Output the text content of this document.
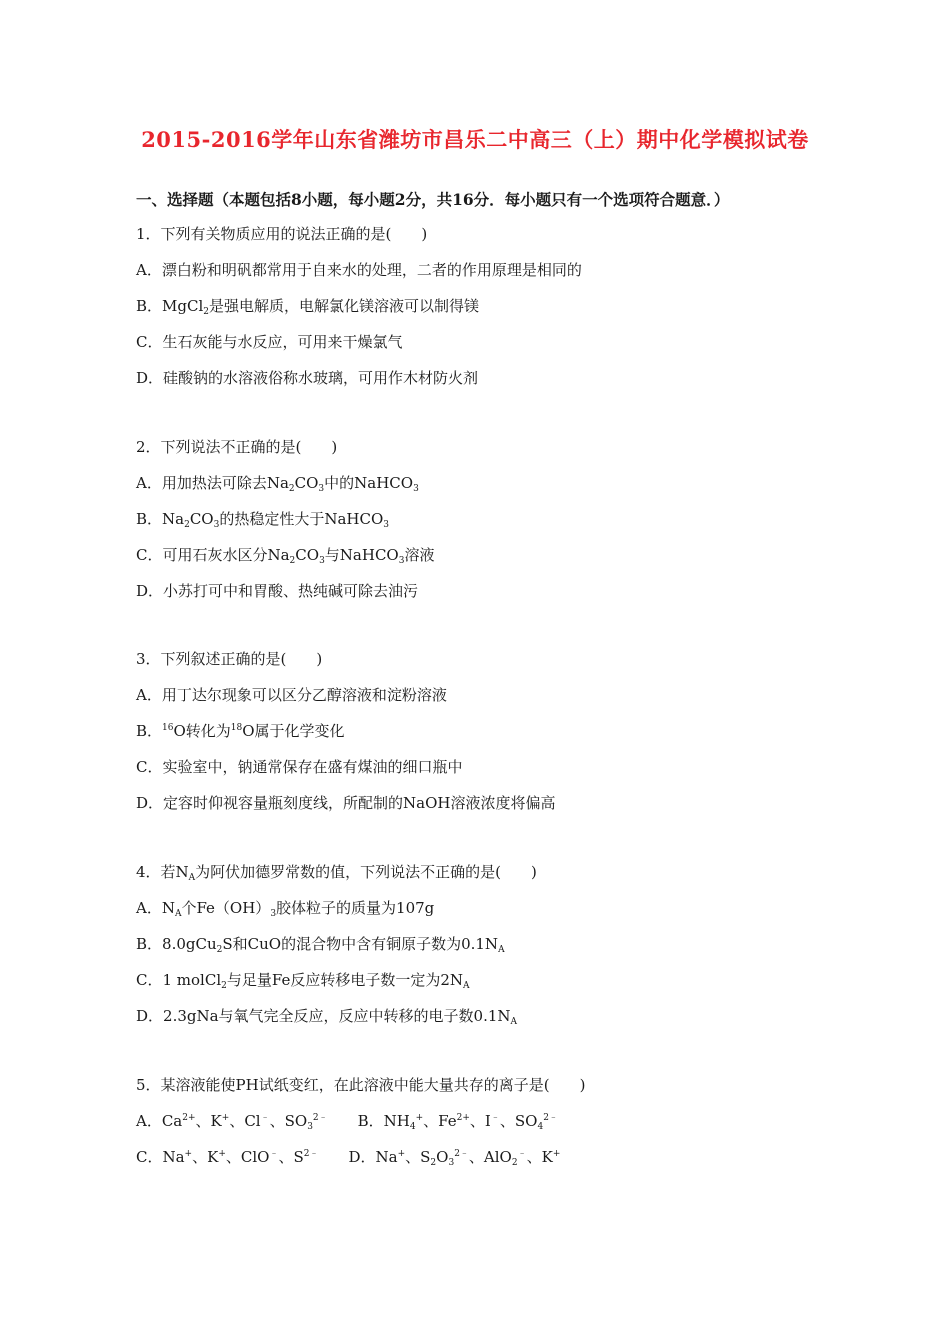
2015-2016学年山东省潍坊市昌乐二中高三（上）期中化学模拟试卷
一、选择题（本题包括8小题，每小题2分，共16分．每小题只有一个选项符合题意．）
1．下列有关物质应用的说法正确的是(　　)
A．漂白粉和明矾都常用于自来水的处理，二者的作用原理是相同的
B．MgCl$_2$是强电解质，电解氯化镁溶液可以制得镁
C．生石灰能与水反应，可用来干燥氯气
D．硅酸钠的水溶液俗称水玻璃，可用作木材防火剂
2．下列说法不正确的是(　　)
A．用加热法可除去$Na_2CO_3$中的NaHCO$_3$
B．$Na_2CO_3$的热稳定性大于NaHCO$_3$
C．可用石灰水区分$Na_2CO_3$与NaHCO$_3$溶液
D．小苏打可中和胃酸、热纯碱可除去油污
3．下列叙述正确的是(　　)
A．用丁达尔现象可以区分乙醇溶液和淀粉溶液
B．$^{16}$O转化为$^{18}$O属于化学变化
C．实验室中，钠通常保存在盛有煤油的细口瓶中
D．定容时仰视容量瓶刻度线，所配制的NaOH溶液浓度将偏高
4．若$N_A$为阿伏加德罗常数的值，下列说法不正确的是(　　)
A．$N_A$个$Fe(OH)_3$胶体粒子的质量为107g
B．8.0gCu$_2$S和CuO的混合物中含有铜原子数为$0.1N_A$
C．1 molCl$_2$与足量Fe反应转移电子数一定为$2N_A$
D．2.3gNa与氧气完全反应，反应中转移的电子数$0.1N_A$
5．某溶液能使PH试纸变红，在此溶液中能大量共存的离子是(　　)
A．$Ca^{2+}$、K+、Cl﹣、$SO_3^{2﹣}$ B．$NH_4^+$、$Fe^{2+}$、I﹣、$SO_4^{2﹣}$
C．Na+、K+、ClO﹣、$S^{2﹣}$ D．Na+、$S_2O_3^{2﹣}$、AlO$_2$﹣、K+
